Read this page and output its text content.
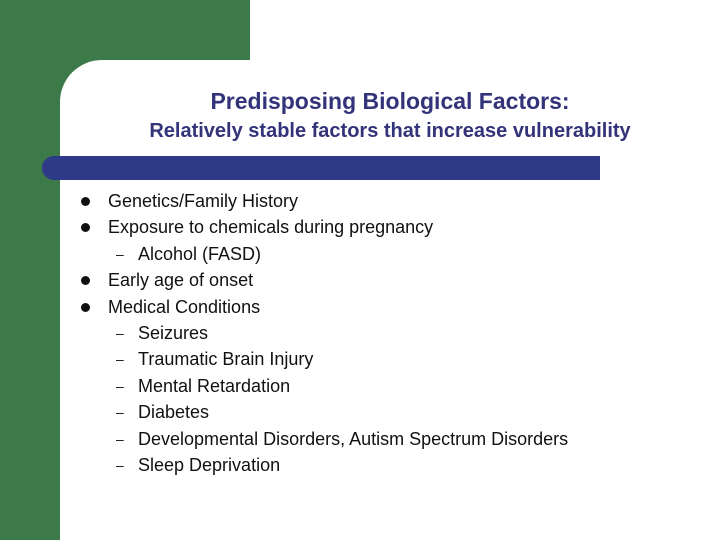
Predisposing Biological Factors:
Relatively stable factors that increase vulnerability
Genetics/Family History
Exposure to chemicals during pregnancy
– Alcohol (FASD)
Early age of onset
Medical Conditions
– Seizures
– Traumatic Brain Injury
– Mental Retardation
– Diabetes
– Developmental Disorders, Autism Spectrum Disorders
– Sleep Deprivation
